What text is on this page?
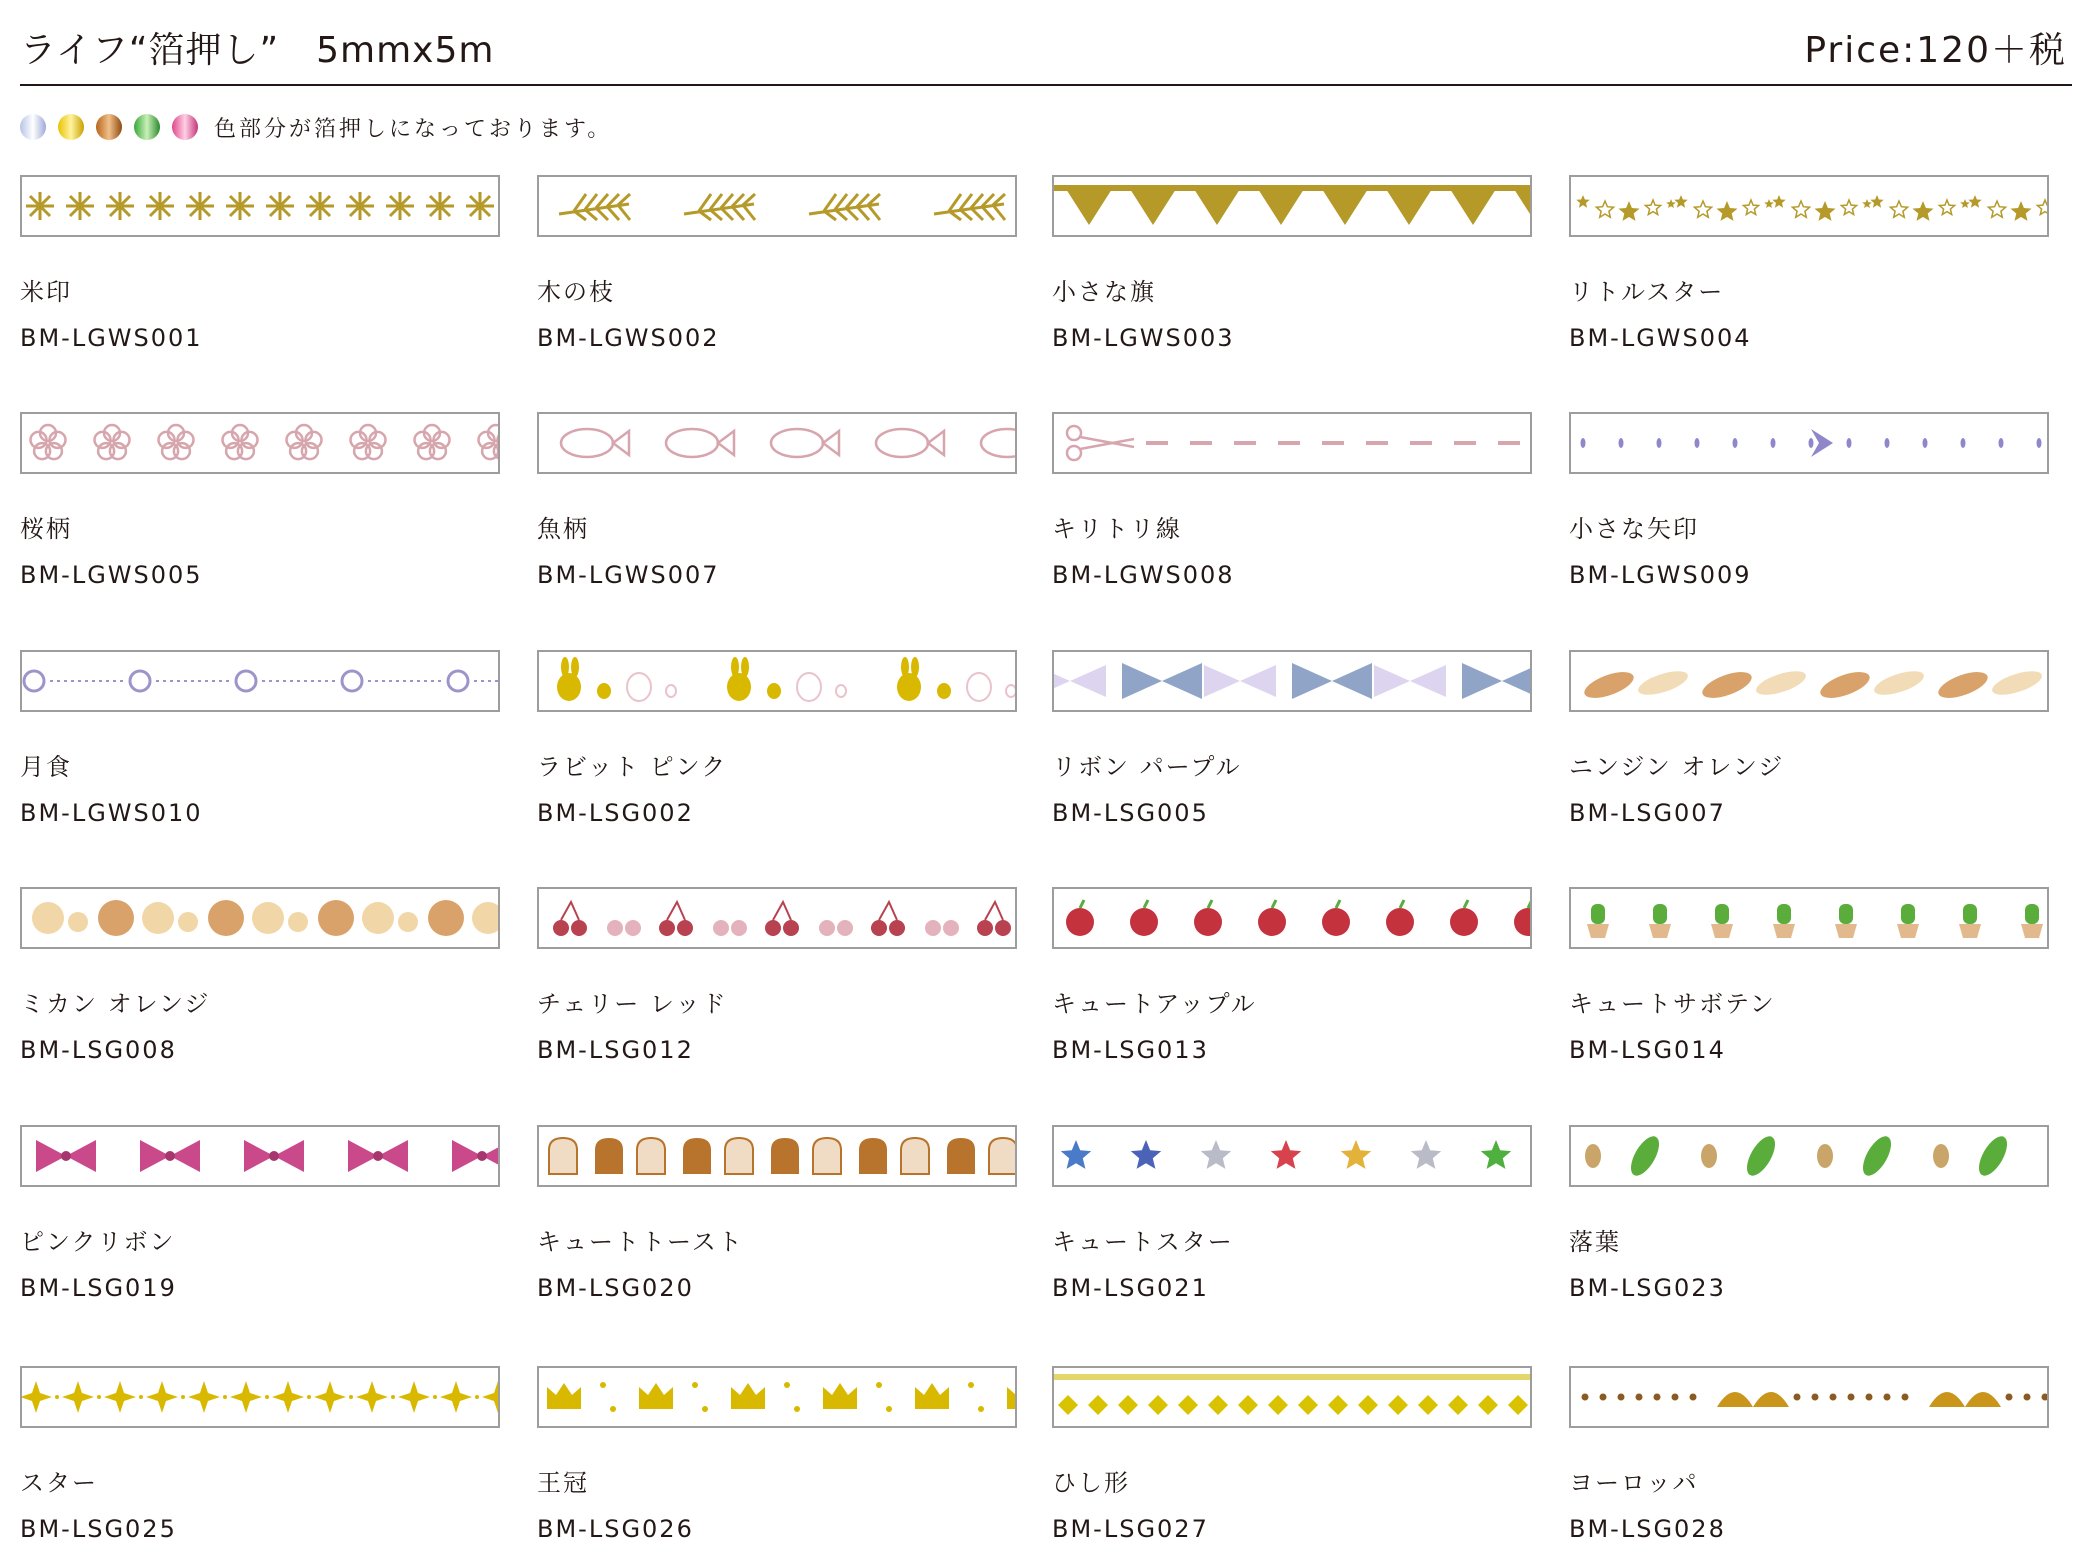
ライフ“箔押し”　5mmx5m	Price:120＋税
色部分が箔押しになっております。
米印
BM-LGWS001
木の枝
BM-LGWS002
小さな旗
BM-LGWS003
リトルスター
BM-LGWS004
桜柄
BM-LGWS005
魚柄
BM-LGWS007
キリトリ線
BM-LGWS008
小さな矢印
BM-LGWS009
月食
BM-LGWS010
ラビット ピンク
BM-LSG002
リボン パープル
BM-LSG005
ニンジン オレンジ
BM-LSG007
ミカン オレンジ
BM-LSG008
チェリー レッド
BM-LSG012
キュートアップル
BM-LSG013
キュートサボテン
BM-LSG014
ピンクリボン
BM-LSG019
キュートトースト
BM-LSG020
キュートスター
BM-LSG021
落葉
BM-LSG023
スター
BM-LSG025
王冠
BM-LSG026
ひし形
BM-LSG027
ヨーロッパ
BM-LSG028
